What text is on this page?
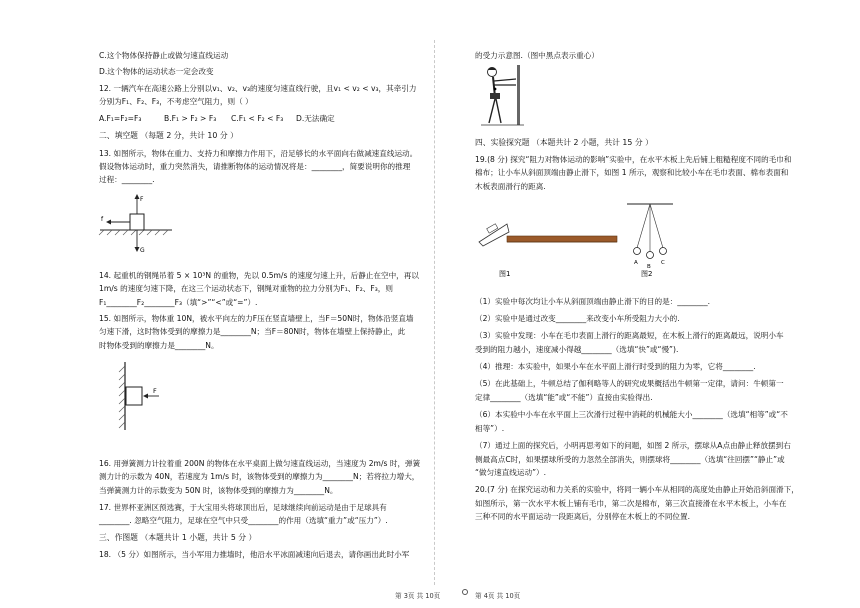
C.这个物体保持静止或做匀速直线运动
D.这个物体的运动状态一定会改变
12. 一辆汽车在高速公路上分别以v₁、v₂、v₃的速度匀速直线行驶，且v₁ < v₂ < v₃，其牵引力
分别为F₁、F₂、F₃，不考虑空气阻力，则（ ）
A.F₁=F₂=F₃	B.F₁ > F₂ > F₃ C.F₁ < F₂ < F₃ D.无法确定
二、填空题 （每题 2 分，共计 10 分 ）
13. 如图所示，物体在重力、支持力和摩擦力作用下，沿足够长的水平面向右做减速直线运动。
假设物体运动时，重力突然消失，请推断物体的运动情况将是：________，简要说明你的推理
过程：________.
F
f
G
14. 起重机的钢绳吊着 5 × 10³N 的重物，先以 0.5m/s 的速度匀速上升，后静止在空中，再以
1m/s 的速度匀速下降，在这三个运动状态下，钢绳对重物的拉力分别为F₁、F₂、F₃，则
F₁________F₂________F₃（填“>”“<”或“=”）.
15. 如图所示，物体重 10N，被水平向左的力F压在竖直墙壁上，当F＝50N时，物体沿竖直墙
匀速下滑，这时物体受到的摩擦力是________N；当F＝80N时，物体在墙壁上保持静止，此
时物体受到的摩擦力是________N。
F
16. 用弹簧测力计拉着重 200N 的物体在水平桌面上做匀速直线运动，当速度为 2m/s 时，弹簧
测力计的示数为 40N，若速度为 1m/s 时，该物体受到的摩擦力为________N；若将拉力增大，
当弹簧测力计的示数变为 50N 时，该物体受到的摩擦力为________N。
17. 世界杯亚洲区预选赛，于大宝用头将球顶出后，足球继续向前运动是由于足球具有
________. 忽略空气阻力，足球在空气中只受________的作用（选填“重力”或“压力”）.
三、作图题 （本题共计 1 小题，共计 5 分 ）
18. （5 分）如图所示，当小军用力推墙时，他沿水平冰面减速向后退去，请你画出此时小军
第 3页 共 10页
的受力示意图.（图中黑点表示重心）
四、实验探究题 （本题共计 2 小题，共计 15 分 ）
19.(8 分) 探究“阻力对物体运动的影响”实验中，在水平木板上先后铺上粗糙程度不同的毛巾和
棉布；让小车从斜面顶端由静止滑下，如图 1 所示，观察和比较小车在毛巾表面、棉布表面和
木板表面滑行的距离.
图1
A
B
C
图2
（1）实验中每次均让小车从斜面顶端由静止滑下的目的是：________.
（2）实验中是通过改变________来改变小车所受阻力大小的.
（3）实验中发现：小车在毛巾表面上滑行的距离最短，在木板上滑行的距离最远，说明小车
受到的阻力越小，速度减小得越________（选填“快”或“慢”).
（4）推理：本实验中，如果小车在水平面上滑行时受到的阻力为零，它将________.
（5）在此基础上，牛顿总结了伽利略等人的研究成果概括出牛顿第一定律，请问：牛顿第一
定律________（选填“能”或“不能”）直接由实验得出.
（6）本实验中小车在水平面上三次滑行过程中消耗的机械能大小________（选填“相等”或“不
相等”）.
（7）通过上面的探究后，小明再思考如下的问题，如图 2 所示，摆球从A点由静止释放摆到右
侧最高点C时，如果摆球所受的力忽然全部消失，则摆球将________（选填“往回摆”“静止”或
“做匀速直线运动”）.
20.(7 分) 在探究运动和力关系的实验中，将同一辆小车从相同的高度处由静止开始沿斜面滑下，
如图所示，第一次水平木板上铺有毛巾，第二次是棉布，第三次直接滑在水平木板上，小车在
三种不同的水平面运动一段距离后，分别停在木板上的不同位置.
第 4页 共 10页
